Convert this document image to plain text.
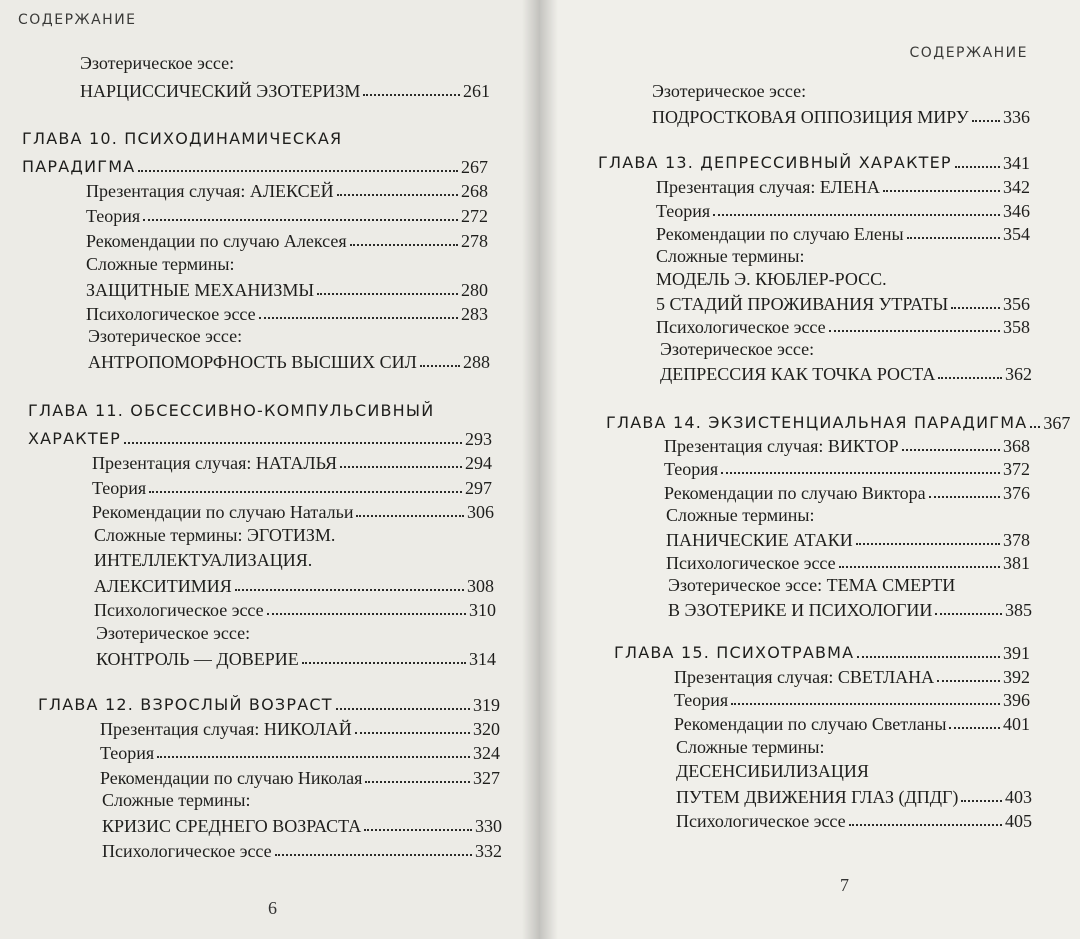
СОДЕРЖАНИЕ
Эзотерическое эссе:
НАРЦИССИЧЕСКИЙ ЭЗОТЕРИЗМ	261
ГЛАВА 10. ПСИХОДИНАМИЧЕСКАЯ
ПАРАДИГМА	267
Презентация случая: АЛЕКСЕЙ	268
Теория	272
Рекомендации по случаю Алексея	278
Сложные термины:
ЗАЩИТНЫЕ МЕХАНИЗМЫ	280
Психологическое эссе	283
Эзотерическое эссе:
АНТРОПОМОРФНОСТЬ ВЫСШИХ СИЛ	288
ГЛАВА 11. ОБСЕССИВНО-КОМПУЛЬСИВНЫЙ
ХАРАКТЕР	293
Презентация случая: НАТАЛЬЯ	294
Теория	297
Рекомендации по случаю Натальи	306
Сложные термины: ЭГОТИЗМ.
ИНТЕЛЛЕКТУАЛИЗАЦИЯ.
АЛЕКСИТИМИЯ	308
Психологическое эссе	310
Эзотерическое эссе:
КОНТРОЛЬ — ДОВЕРИЕ	314
ГЛАВА 12. ВЗРОСЛЫЙ ВОЗРАСТ	319
Презентация случая: НИКОЛАЙ	320
Теория	324
Рекомендации по случаю Николая	327
Сложные термины:
КРИЗИС СРЕДНЕГО ВОЗРАСТА	330
Психологическое эссе	332
6
СОДЕРЖАНИЕ
Эзотерическое эссе:
ПОДРОСТКОВАЯ ОППОЗИЦИЯ МИРУ 336
ГЛАВА 13. ДЕПРЕССИВНЫЙ ХАРАКТЕР	341
Презентация случая: ЕЛЕНА	342
Теория	346
Рекомендации по случаю Елены	354
Сложные термины:
МОДЕЛЬ Э. КЮБЛЕР-РОСС.
5 СТАДИЙ ПРОЖИВАНИЯ УТРАТЫ	356
Психологическое эссе	358
Эзотерическое эссе:
ДЕПРЕССИЯ КАК ТОЧКА РОСТА	362
ГЛАВА 14. ЭКЗИСТЕНЦИАЛЬНАЯ ПАРАДИГМА 367
Презентация случая: ВИКТОР	368
Теория	372
Рекомендации по случаю Виктора	376
Сложные термины:
ПАНИЧЕСКИЕ АТАКИ	378
Психологическое эссе	381
Эзотерическое эссе: ТЕМА СМЕРТИ
В ЭЗОТЕРИКЕ И ПСИХОЛОГИИ	385
ГЛАВА 15. ПСИХОТРАВМА	391
Презентация случая: СВЕТЛАНА	392
Теория	396
Рекомендации по случаю Светланы	401
Сложные термины:
ДЕСЕНСИБИЛИЗАЦИЯ
ПУТЕМ ДВИЖЕНИЯ ГЛАЗ (ДПДГ)	403
Психологическое эссе	405
7
